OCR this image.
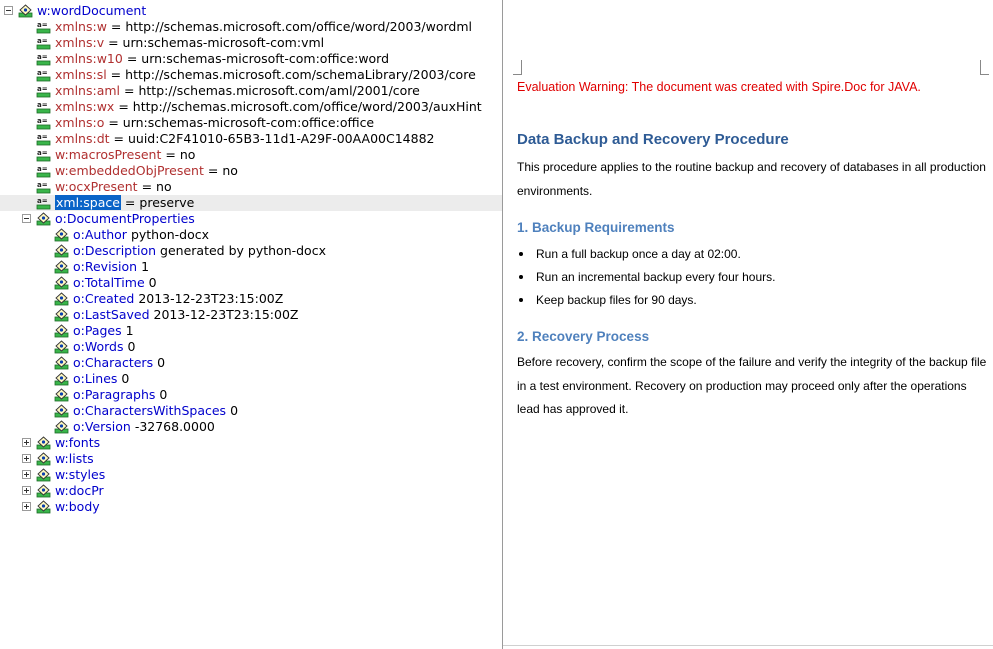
w:wordDocument
a= xmlns:w = http://schemas.microsoft.com/office/word/2003/wordml
a= xmlns:v = urn:schemas-microsoft-com:vml
a= xmlns:w10 = urn:schemas-microsoft-com:office:word
a= xmlns:sl = http://schemas.microsoft.com/schemaLibrary/2003/core
a= xmlns:aml = http://schemas.microsoft.com/aml/2001/core
a= xmlns:wx = http://schemas.microsoft.com/office/word/2003/auxHint
a= xmlns:o = urn:schemas-microsoft-com:office:office
a= xmlns:dt = uuid:C2F41010-65B3-11d1-A29F-00AA00C14882
a= w:macrosPresent = no
a= w:embeddedObjPresent = no
a= w:ocxPresent = no
a= xml:space = preserve
o:DocumentProperties
o:Author python-docx
o:Description generated by python-docx
o:Revision 1
o:TotalTime 0
o:Created 2013-12-23T23:15:00Z
o:LastSaved 2013-12-23T23:15:00Z
o:Pages 1
o:Words 0
o:Characters 0
o:Lines 0
o:Paragraphs 0
o:CharactersWithSpaces 0
o:Version -32768.0000
w:fonts
w:lists
w:styles
w:docPr
w:body
Evaluation Warning: The document was created with Spire.Doc for JAVA.
Data Backup and Recovery Procedure
This procedure applies to the routine backup and recovery of databases in all production
environments.
1. Backup Requirements
Run a full backup once a day at 02:00.
Run an incremental backup every four hours.
Keep backup files for 90 days.
2. Recovery Process
Before recovery, confirm the scope of the failure and verify the integrity of the backup file
in a test environment. Recovery on production may proceed only after the operations
lead has approved it.
